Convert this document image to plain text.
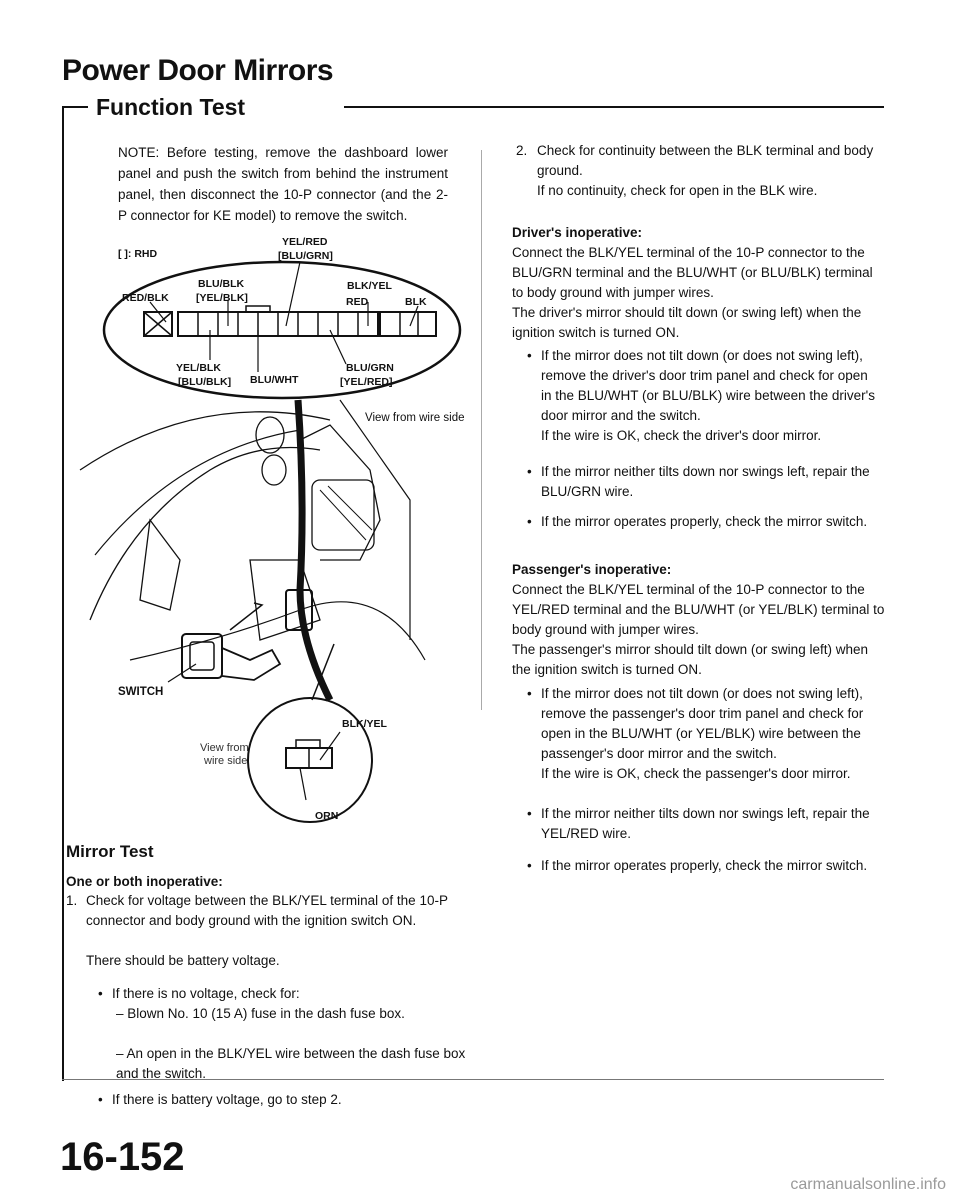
Power Door Mirrors
Function Test
NOTE: Before testing, remove the dashboard lower panel and push the switch from behind the instrument panel, then disconnect the 10-P connector (and the 2-P connector for KE model) to remove the switch.
[ ]: RHD
YEL/RED
[BLU/GRN]
RED/BLK
BLU/BLK
[YEL/BLK]
BLK/YEL
RED	BLK
YEL/BLK
[BLU/BLK] BLU/WHT
BLU/GRN
[YEL/RED]
View from wire side
SWITCH
View from
wire side
BLK/YEL
ORN
Mirror Test
One or both inoperative:
1. Check for voltage between the BLK/YEL terminal of the 10-P connector and body ground with the ignition switch ON.
There should be battery voltage.
• If there is no voltage, check for:
– Blown No. 10 (15 A) fuse in the dash fuse box.
– An open in the BLK/YEL wire between the dash fuse box and the switch.
• If there is battery voltage, go to step 2.
2. Check for continuity between the BLK terminal and body ground.
If no continuity, check for open in the BLK wire.
Driver's inoperative:
Connect the BLK/YEL terminal of the 10-P connector to the BLU/GRN terminal and the BLU/WHT (or BLU/BLK) terminal to body ground with jumper wires.
The driver's mirror should tilt down (or swing left) when the ignition switch is turned ON.
• If the mirror does not tilt down (or does not swing left), remove the driver's door trim panel and check for open in the BLU/WHT (or BLU/BLK) wire between the driver's door mirror and the switch.
If the wire is OK, check the driver's door mirror.
• If the mirror neither tilts down nor swings left, repair the BLU/GRN wire.
• If the mirror operates properly, check the mirror switch.
Passenger's inoperative:
Connect the BLK/YEL terminal of the 10-P connector to the YEL/RED terminal and the BLU/WHT (or YEL/BLK) terminal to body ground with jumper wires.
The passenger's mirror should tilt down (or swing left) when the ignition switch is turned ON.
• If the mirror does not tilt down (or does not swing left), remove the passenger's door trim panel and check for open in the BLU/WHT (or YEL/BLK) wire between the passenger's door mirror and the switch.
If the wire is OK, check the passenger's door mirror.
• If the mirror neither tilts down nor swings left, repair the YEL/RED wire.
• If the mirror operates properly, check the mirror switch.
16-152
carmanualsonline.info
